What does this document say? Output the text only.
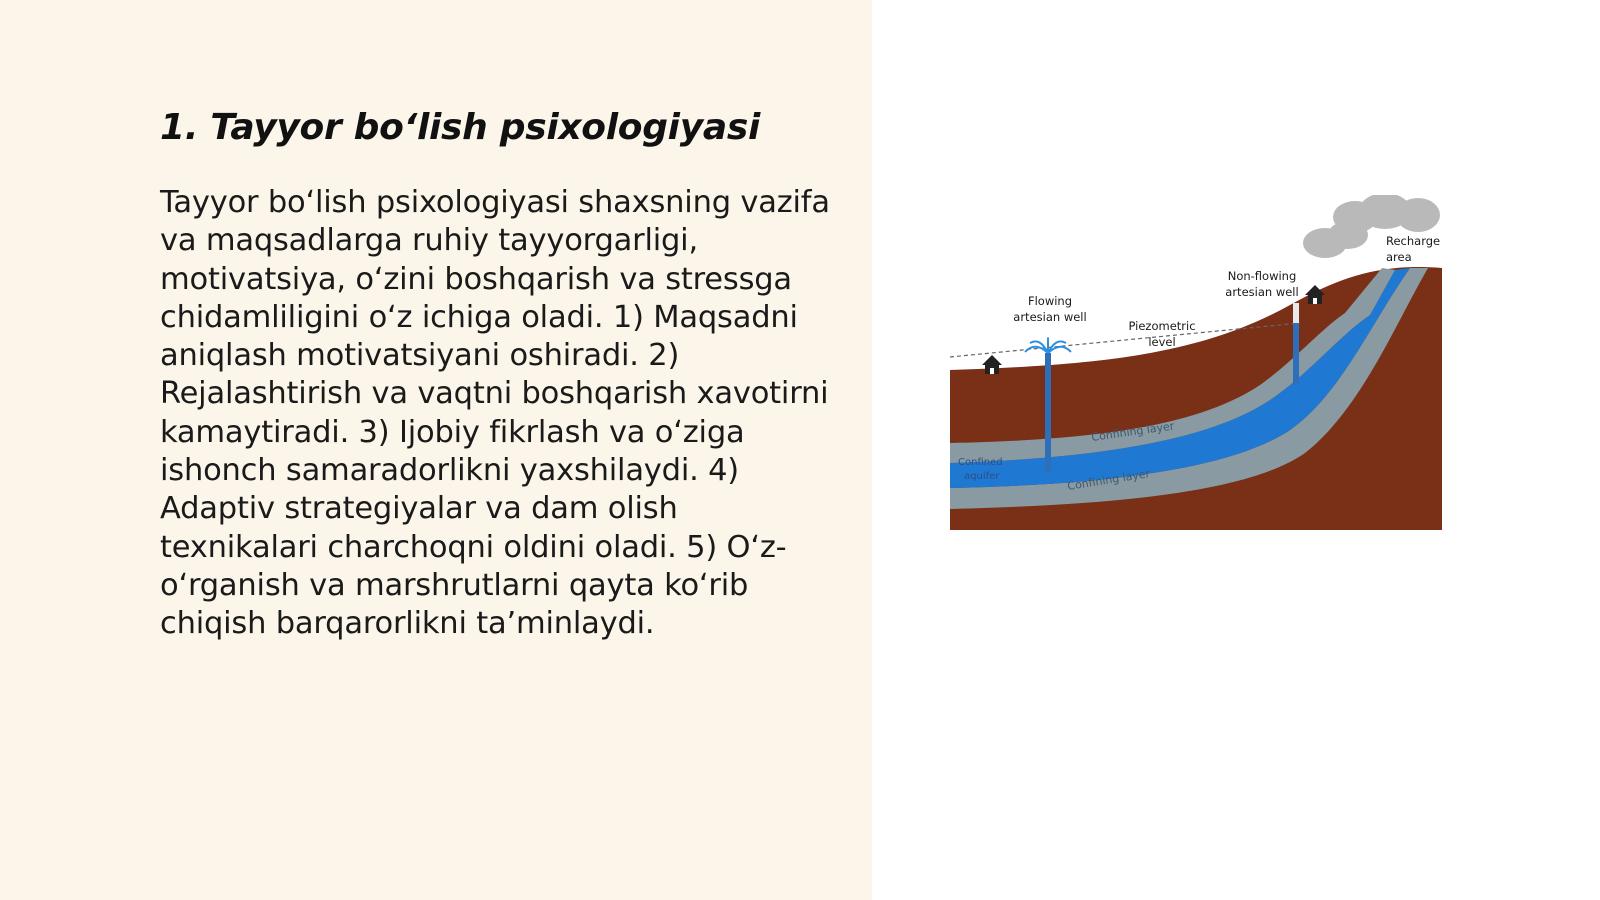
1. Tayyor bo‘lish psixologiyasi

Tayyor bo‘lish psixologiyasi shaxsning vazifa va maqsadlarga ruhiy tayyorgarligi, motivatsiya, o‘zini boshqarish va stressga chidamliligini o‘z ichiga oladi. 1) Maqsadni aniqlash motivatsiyani oshiradi. 2) Rejalashtirish va vaqtni boshqarish xavotirni kamaytiradi. 3) Ijobiy fikrlash va o‘ziga ishonch samaradorlikni yaxshilaydi. 4) Adaptiv strategiyalar va dam olish texnikalari charchoqni oldini oladi. 5) O‘z-o‘rganish va marshrutlarni qayta ko‘rib chiqish barqarorlikni ta’minlaydi.

Flowing
artesian well
Non-flowing
artesian well
Piezometric
level
Recharge
area
Confining layer
Confining layer
Confined
aquifer
